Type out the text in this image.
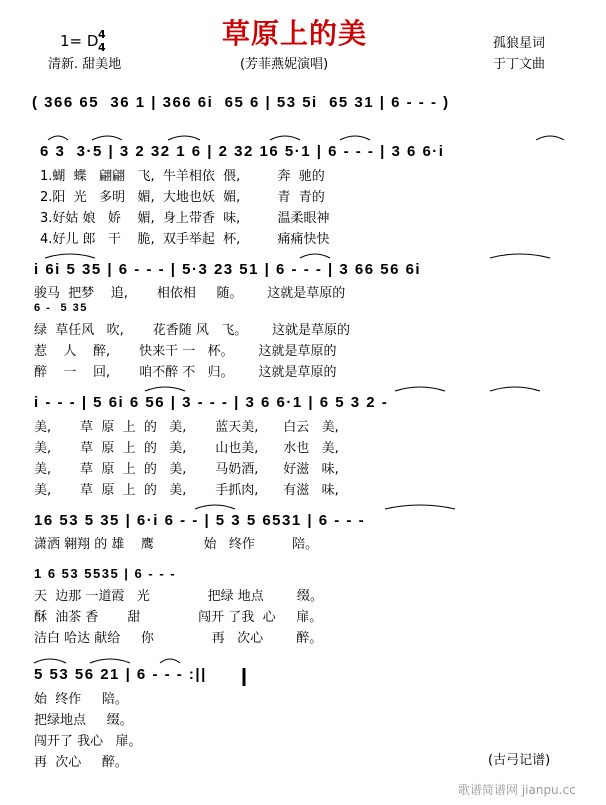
1= D 4
4	草原上的美	孤狼星词
清新. 甜美地	(芳菲燕妮演唱)	于丁文曲
( 366 65  36 1 | 366 6i  65 6 | 53 5i  65 31 | 6 - - - )
6 3  3·5 | 3 2 32 1 6 | 2 32 16 5·1 | 6 - - - | 3 6 6·i
1.蝴  蝶   翩翩   飞,  牛羊相依  偎,         奔  驰的
2.阳  光   多明   媚,  大地也妖  媚,         青  青的
3.好姑 娘   娇    媚,  身上带香  味,         温柔眼神
4.好儿 郎   干    脆,  双手举起  杯,         痛痛快快
i 6i 5 35 | 6 - - - | 5·3 23 51 | 6 - - - | 3 66 56 6i
骏马  把梦    追,       相依相     随。      这就是草原的
6 -  5 35
绿  草任风   吹,       花香随 风   飞。      这就是草原的
惹    人    醉,       快来干 一   杯。      这就是草原的
醉    一    回,       咱不醉 不   归。      这就是草原的
i - - - | 5 6i 6 56 | 3 - - - | 3 6 6·1 | 6 5 3 2 -
美,       草  原  上  的   美,       蓝天美,      白云   美,
美,       草  原  上  的   美,       山也美,      水也   美,
美,       草  原  上  的   美,       马奶酒,      好滋   味,
美,       草  原  上  的   美,       手抓肉,      有滋   味,
16 53 5 35 | 6·i 6 - - | 5 3 5 6531 | 6 - - -
潇洒 翱翔 的 雄    鹰            始   终作         陪。
1 6 53 5535 | 6 - - -
天  边那 一道霞   光              把绿 地点        缀。
酥  油茶 香       甜              闯开 了我  心     扉。
洁白 哈达 献给     你              再   次心        醉。
5 53 56 21 | 6 - - - :||
始  终作     陪。
把绿地点     缀。
闯开了 我心   扉。
再  次心     醉。	(古弓记谱)
歌谱简谱网 jianpu.cc
